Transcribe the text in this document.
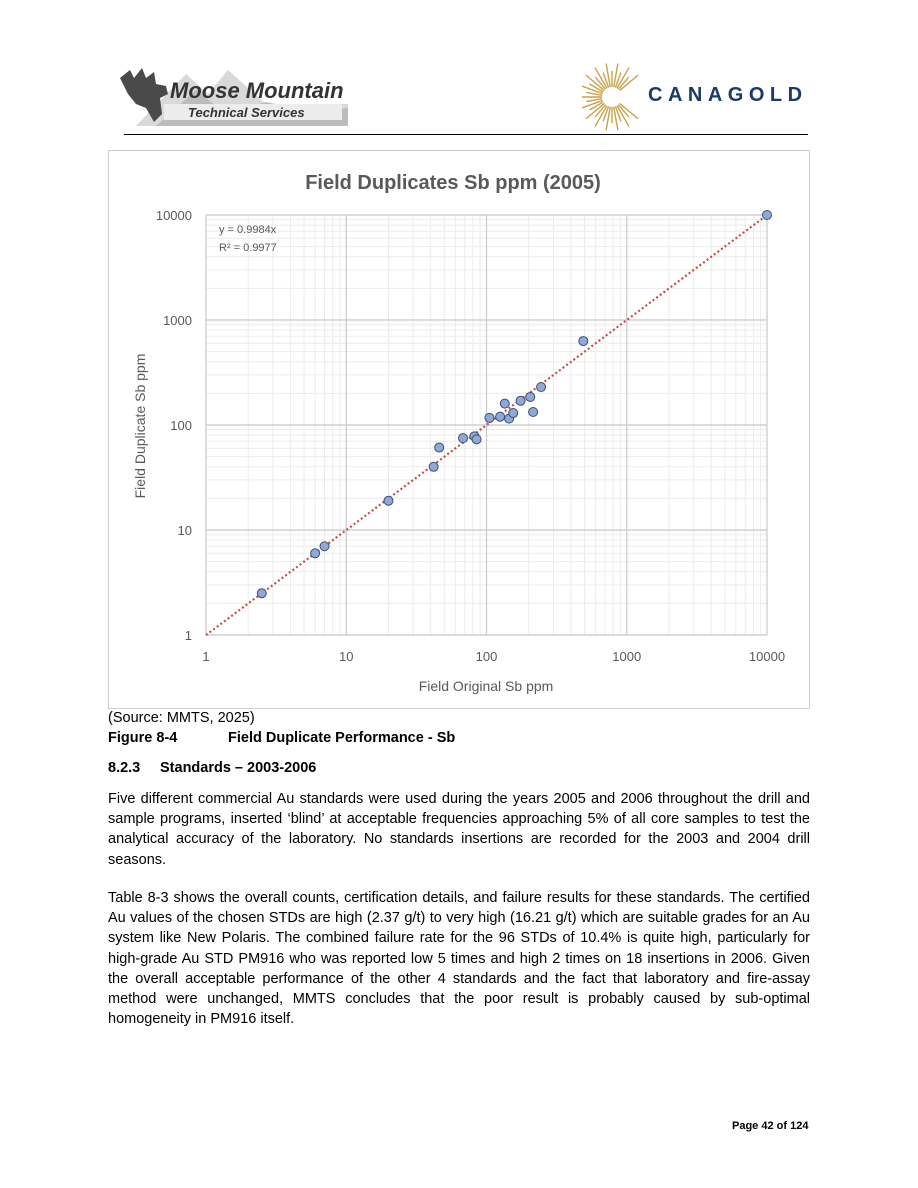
Moose Mountain
Technical Services
CANAGOLD
Field Duplicates Sb ppm (2005)
1	10	100	1000	10000
1
10
100
1000
10000
y = 0.9984x
R² = 0.9977
Field Original Sb ppm
Field Duplicate Sb ppm
(Source: MMTS, 2025)
Figure 8-4	Field Duplicate Performance - Sb
8.2.3 Standards – 2003-2006

Five different commercial Au standards were used during the years 2005 and 2006 throughout the drill and sample programs, inserted ‘blind’ at acceptable frequencies approaching 5% of all core samples to test the analytical accuracy of the laboratory. No standards insertions are recorded for the 2003 and 2004 drill seasons.

Table 8-3 shows the overall counts, certification details, and failure results for these standards. The certified Au values of the chosen STDs are high (2.37 g/t) to very high (16.21 g/t) which are suitable grades for an Au system like New Polaris. The combined failure rate for the 96 STDs of 10.4% is quite high, particularly for high-grade Au STD PM916 who was reported low 5 times and high 2 times on 18 insertions in 2006. Given the overall acceptable performance of the other 4 standards and the fact that laboratory and fire-assay method were unchanged, MMTS concludes that the poor result is probably caused by sub-optimal homogeneity in PM916 itself.

Page 42 of 124
